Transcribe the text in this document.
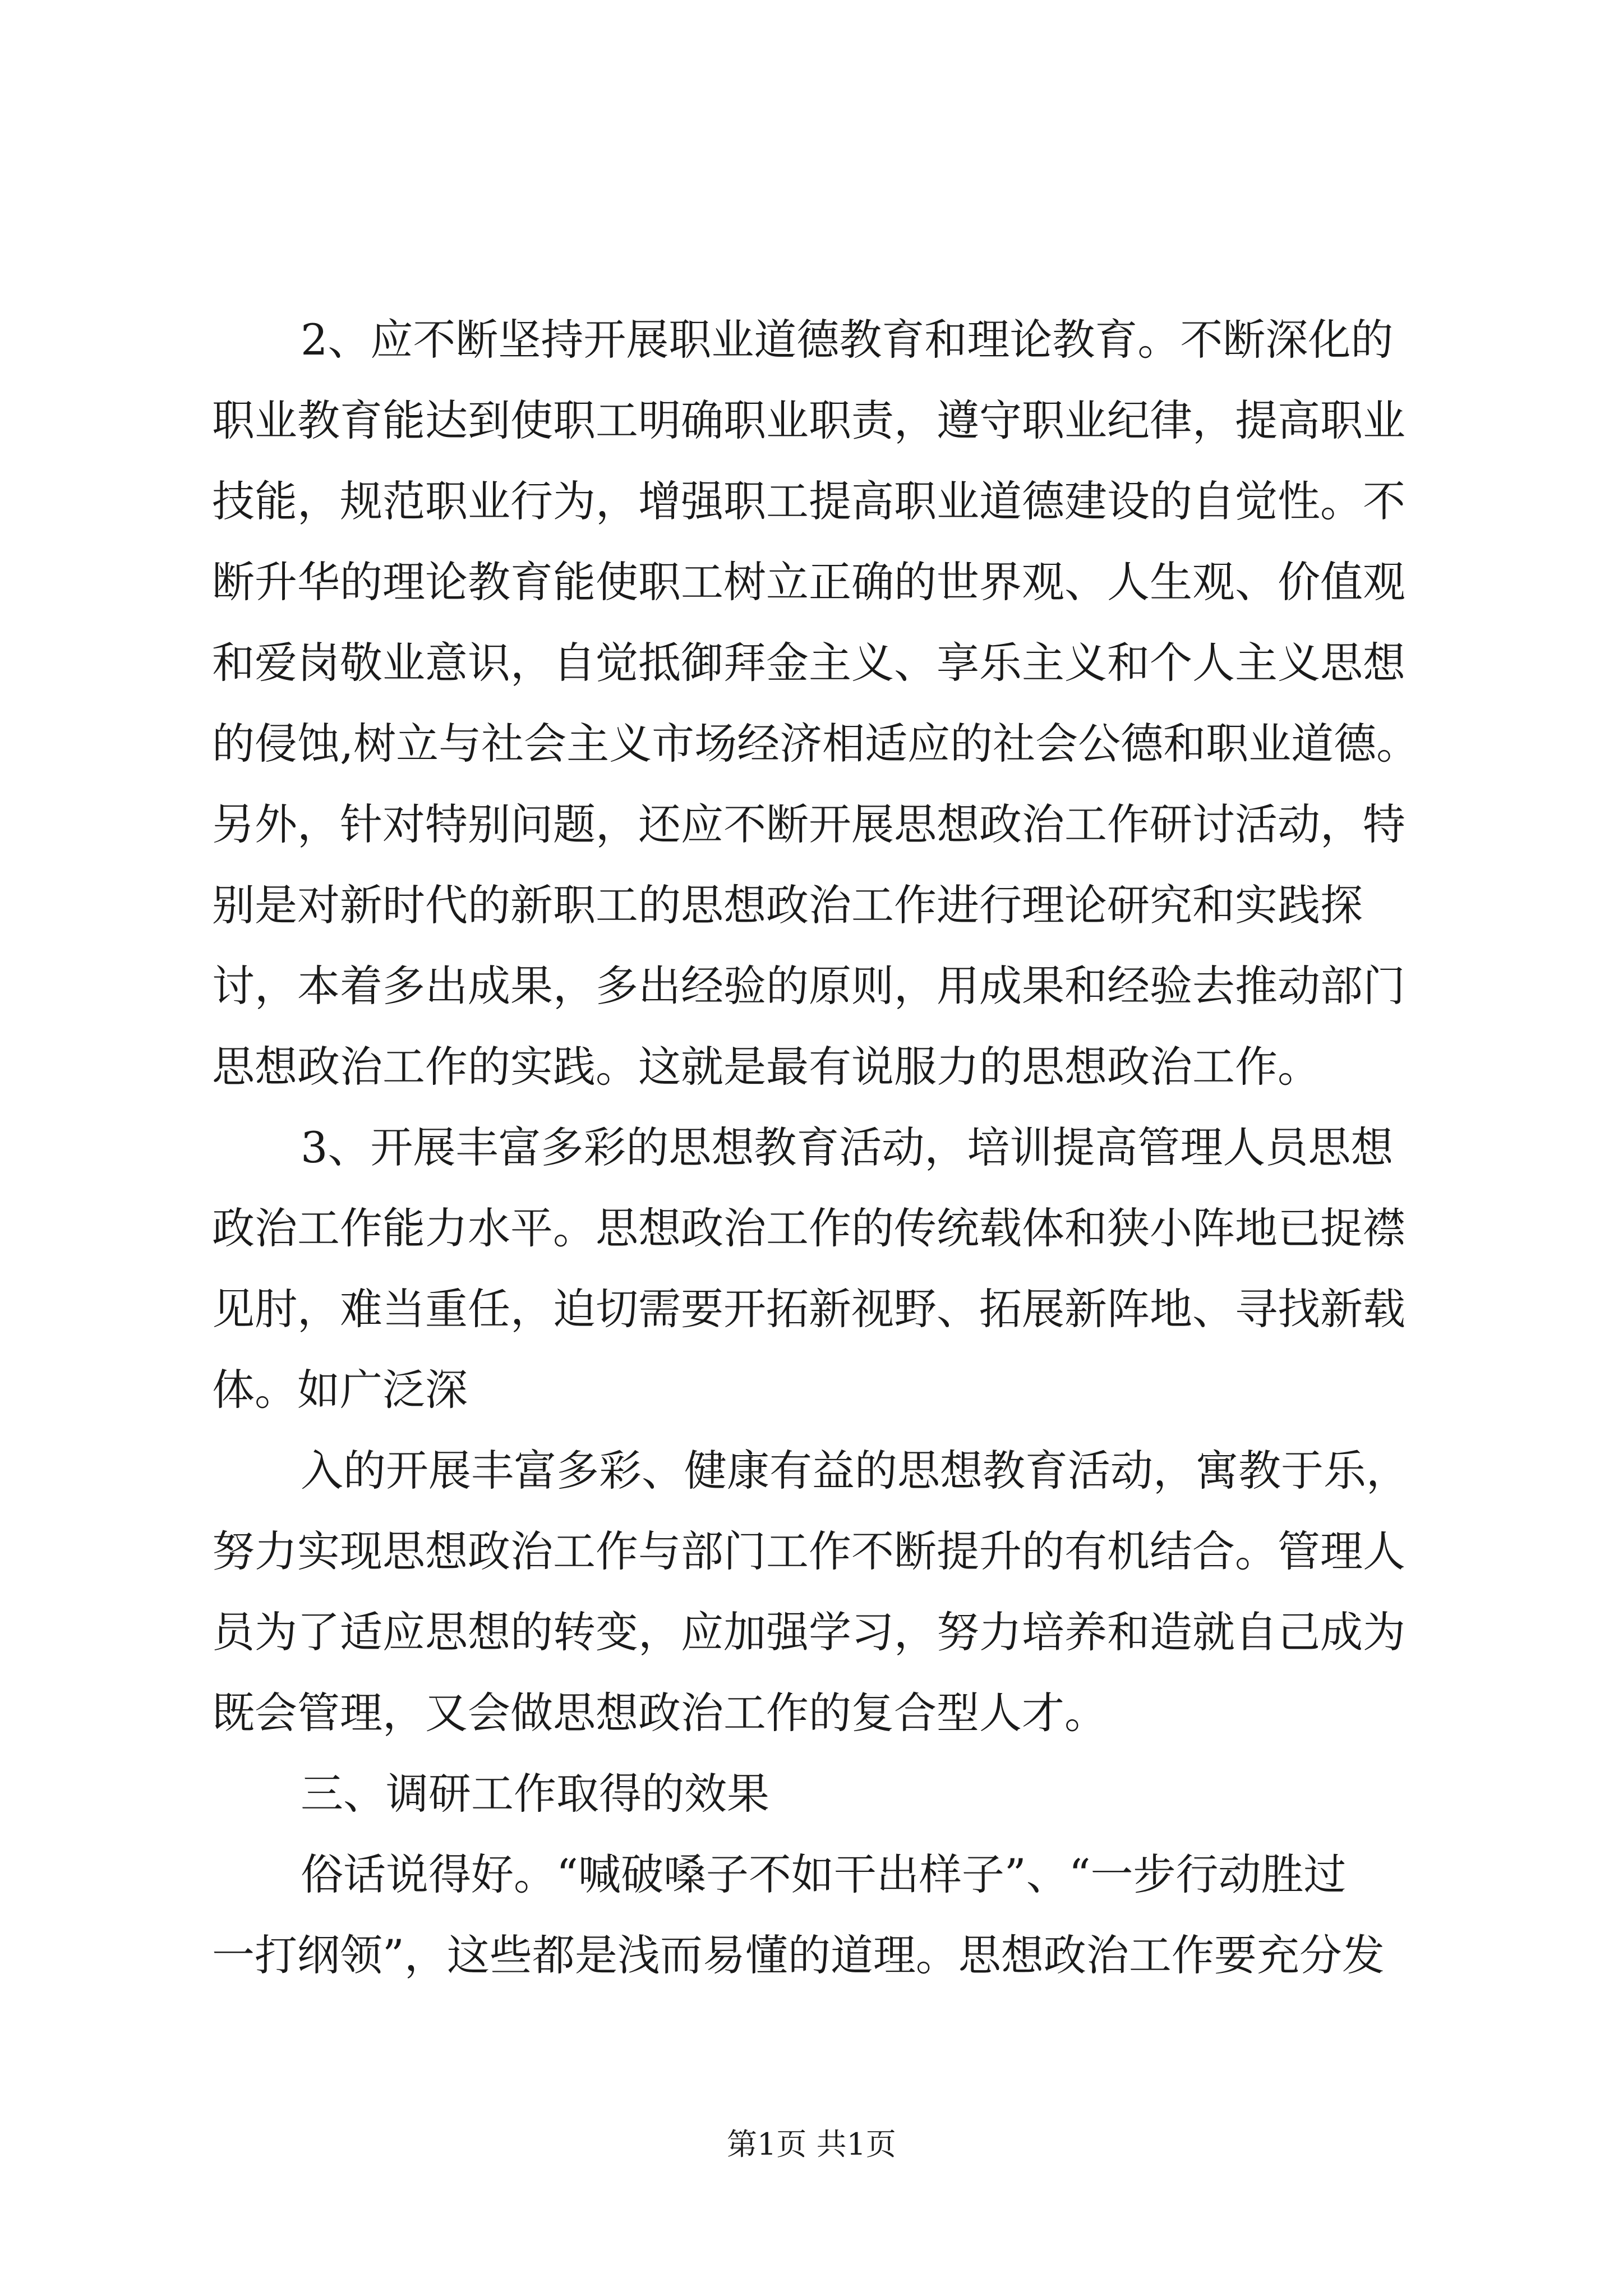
2、应不断坚持开展职业道德教育和理论教育。不断深化的
职业教育能达到使职工明确职业职责，遵守职业纪律，提高职业
技能，规范职业行为，增强职工提高职业道德建设的自觉性。不
断升华的理论教育能使职工树立正确的世界观、人生观、价值观
和爱岗敬业意识，自觉抵御拜金主义、享乐主义和个人主义思想
的侵蚀,树立与社会主义市场经济相适应的社会公德和职业道德。
另外，针对特别问题，还应不断开展思想政治工作研讨活动，特
别是对新时代的新职工的思想政治工作进行理论研究和实践探
讨，本着多出成果，多出经验的原则，用成果和经验去推动部门
思想政治工作的实践。这就是最有说服力的思想政治工作。
3、开展丰富多彩的思想教育活动，培训提高管理人员思想
政治工作能力水平。思想政治工作的传统载体和狭小阵地已捉襟
见肘，难当重任，迫切需要开拓新视野、拓展新阵地、寻找新载
体。如广泛深
入的开展丰富多彩、健康有益的思想教育活动，寓教于乐，
努力实现思想政治工作与部门工作不断提升的有机结合。管理人
员为了适应思想的转变，应加强学习，努力培养和造就自己成为
既会管理，又会做思想政治工作的复合型人才。
三、调研工作取得的效果
俗话说得好。“喊破嗓子不如干出样子”、“一步行动胜过
一打纲领”，这些都是浅而易懂的道理。思想政治工作要充分发
第1页 共1页
